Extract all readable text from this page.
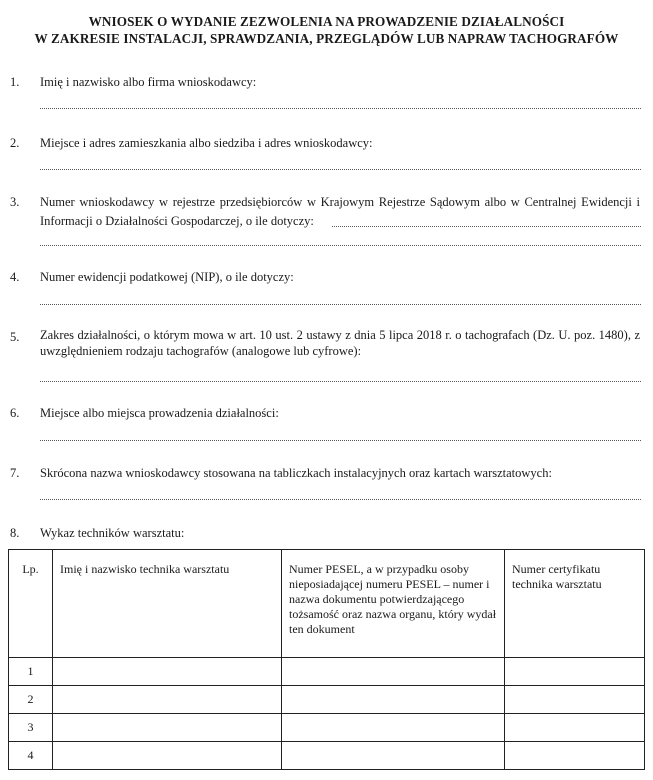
WNIOSEK O WYDANIE ZEZWOLENIA NA PROWADZENIE DZIAŁALNOŚCI
W ZAKRESIE INSTALACJI, SPRAWDZANIA, PRZEGLĄDÓW LUB NAPRAW TACHOGRAFÓW
1. Imię i nazwisko albo firma wnioskodawcy:
2. Miejsce i adres zamieszkania albo siedziba i adres wnioskodawcy:
3. Numer wnioskodawcy w rejestrze przedsiębiorców w Krajowym Rejestrze Sądowym albo w Centralnej Ewidencji i Informacji o Działalności Gospodarczej, o ile dotyczy:
4. Numer ewidencji podatkowej (NIP), o ile dotyczy:
5. Zakres działalności, o którym mowa w art. 10 ust. 2 ustawy z dnia 5 lipca 2018 r. o tachografach (Dz. U. poz. 1480), z uwzględnieniem rodzaju tachografów (analogowe lub cyfrowe):
6. Miejsce albo miejsca prowadzenia działalności:
7. Skrócona nazwa wnioskodawcy stosowana na tabliczkach instalacyjnych oraz kartach warsztatowych:
8. Wykaz techników warsztatu:
Lp.	Imię i nazwisko technika warsztatu	Numer PESEL, a w przypadku osoby nieposiadającej numeru PESEL – numer i nazwa dokumentu potwierdzającego tożsamość oraz nazwa organu, który wydał ten dokument	Numer certyfikatu technika warsztatu
1			
2			
3			
4			
